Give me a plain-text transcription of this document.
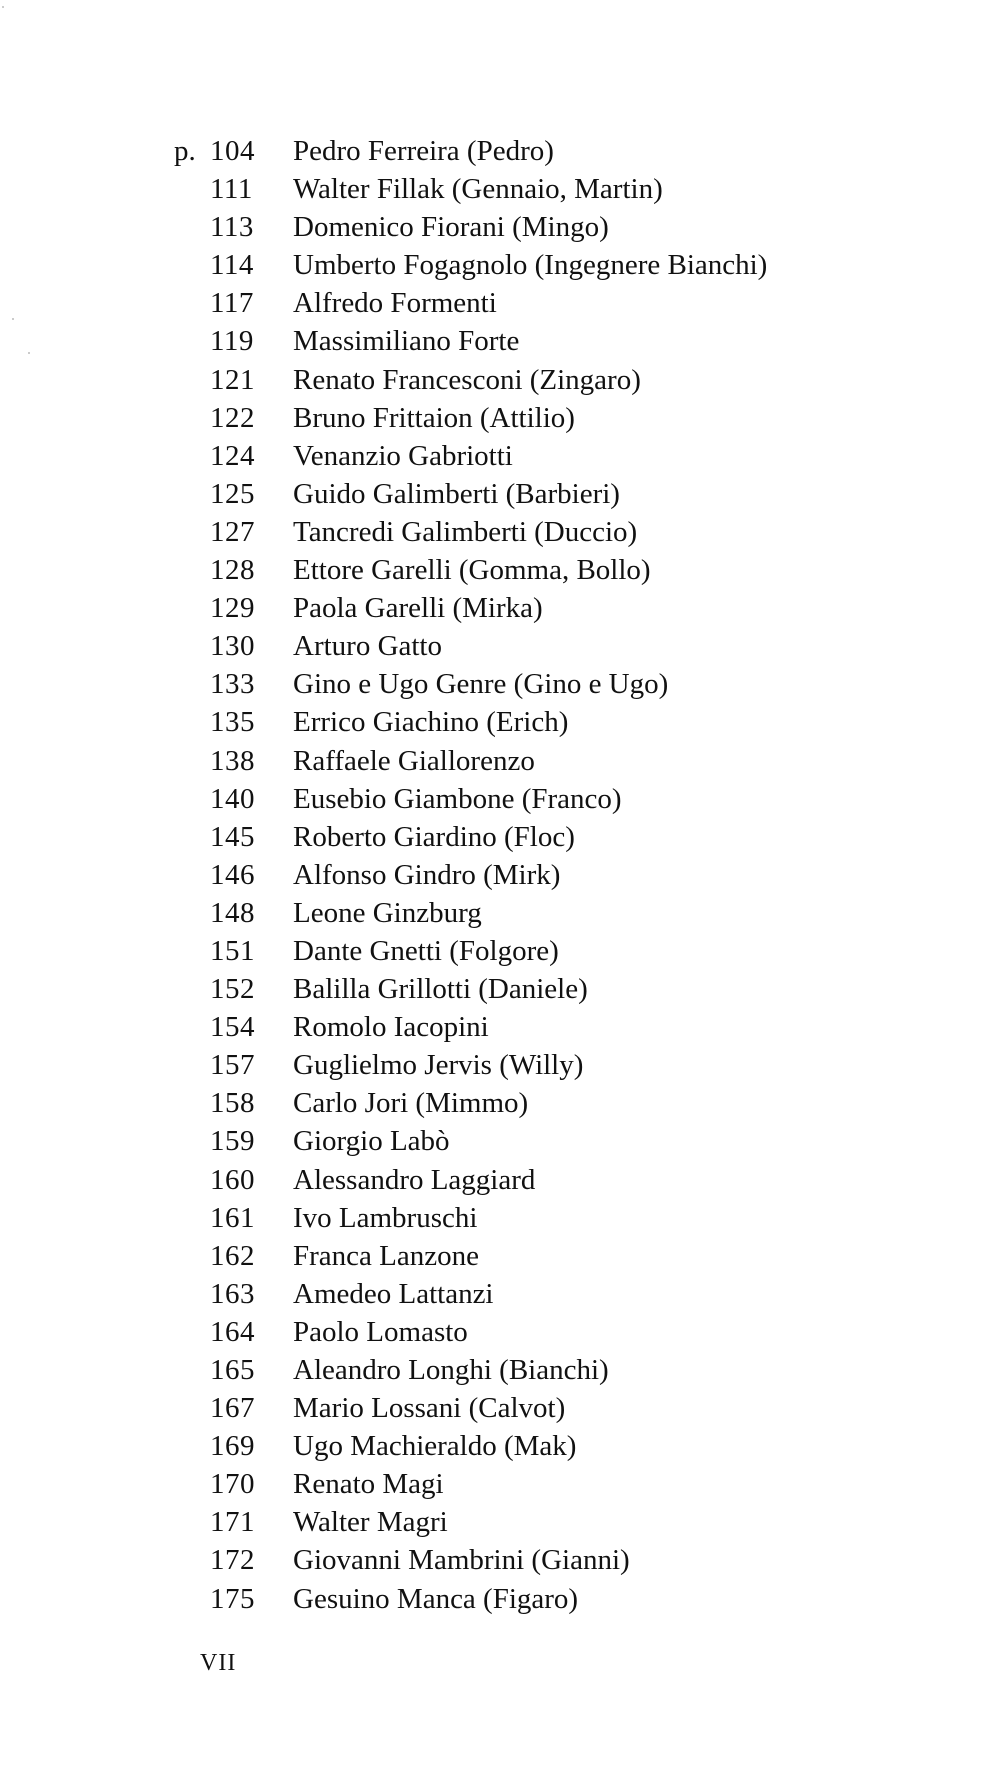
p. 104	Pedro Ferreira (Pedro)
111	Walter Fillak (Gennaio, Martin)
113	Domenico Fiorani (Mingo)
114	Umberto Fogagnolo (Ingegnere Bianchi)
117	Alfredo Formenti
119	Massimiliano Forte
121	Renato Francesconi (Zingaro)
122	Bruno Frittaion (Attilio)
124	Venanzio Gabriotti
125	Guido Galimberti (Barbieri)
127	Tancredi Galimberti (Duccio)
128	Ettore Garelli (Gomma, Bollo)
129	Paola Garelli (Mirka)
130	Arturo Gatto
133	Gino e Ugo Genre (Gino e Ugo)
135	Errico Giachino (Erich)
138	Raffaele Giallorenzo
140	Eusebio Giambone (Franco)
145	Roberto Giardino (Floc)
146	Alfonso Gindro (Mirk)
148	Leone Ginzburg
151	Dante Gnetti (Folgore)
152	Balilla Grillotti (Daniele)
154	Romolo Iacopini
157	Guglielmo Jervis (Willy)
158	Carlo Jori (Mimmo)
159	Giorgio Labò
160	Alessandro Laggiard
161	Ivo Lambruschi
162	Franca Lanzone
163	Amedeo Lattanzi
164	Paolo Lomasto
165	Aleandro Longhi (Bianchi)
167	Mario Lossani (Calvot)
169	Ugo Machieraldo (Mak)
170	Renato Magi
171	Walter Magri
172	Giovanni Mambrini (Gianni)
175	Gesuino Manca (Figaro)
VII
